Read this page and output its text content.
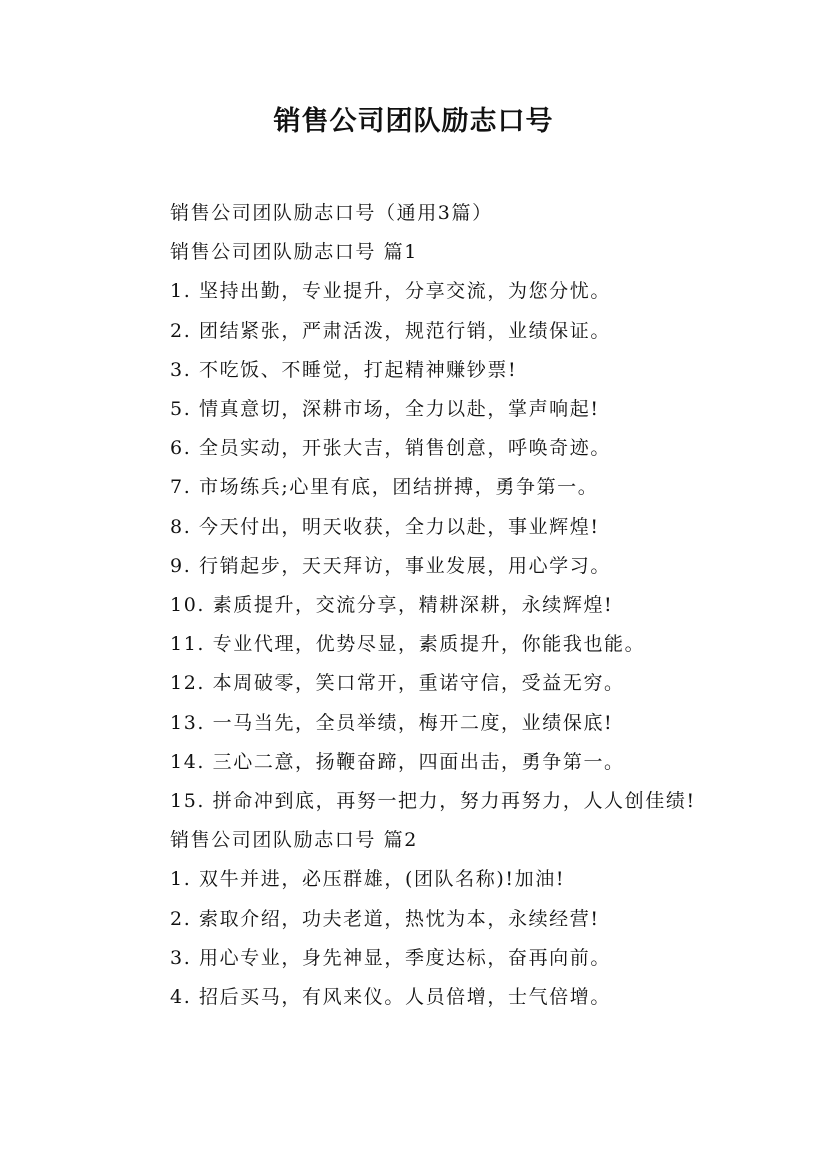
销售公司团队励志口号

销售公司团队励志口号（通用3篇）

销售公司团队励志口号 篇1

1. 坚持出勤，专业提升，分享交流，为您分忧。

2. 团结紧张，严肃活泼，规范行销，业绩保证。

3. 不吃饭、不睡觉，打起精神赚钞票!

5. 情真意切，深耕市场，全力以赴，掌声响起!

6. 全员实动，开张大吉，销售创意，呼唤奇迹。

7. 市场练兵;心里有底，团结拼搏，勇争第一。

8. 今天付出，明天收获，全力以赴，事业辉煌!

9. 行销起步，天天拜访，事业发展，用心学习。

10. 素质提升，交流分享，精耕深耕，永续辉煌!

11. 专业代理，优势尽显，素质提升，你能我也能。

12. 本周破零，笑口常开，重诺守信，受益无穷。

13. 一马当先，全员举绩，梅开二度，业绩保底!

14. 三心二意，扬鞭奋蹄，四面出击，勇争第一。

15. 拼命冲到底，再努一把力，努力再努力，人人创佳绩!

销售公司团队励志口号 篇2

1. 双牛并进，必压群雄，(团队名称)!加油!

2. 索取介绍，功夫老道，热忱为本，永续经营!

3. 用心专业，身先神显，季度达标，奋再向前。

4. 招后买马，有风来仪。人员倍增，士气倍增。
